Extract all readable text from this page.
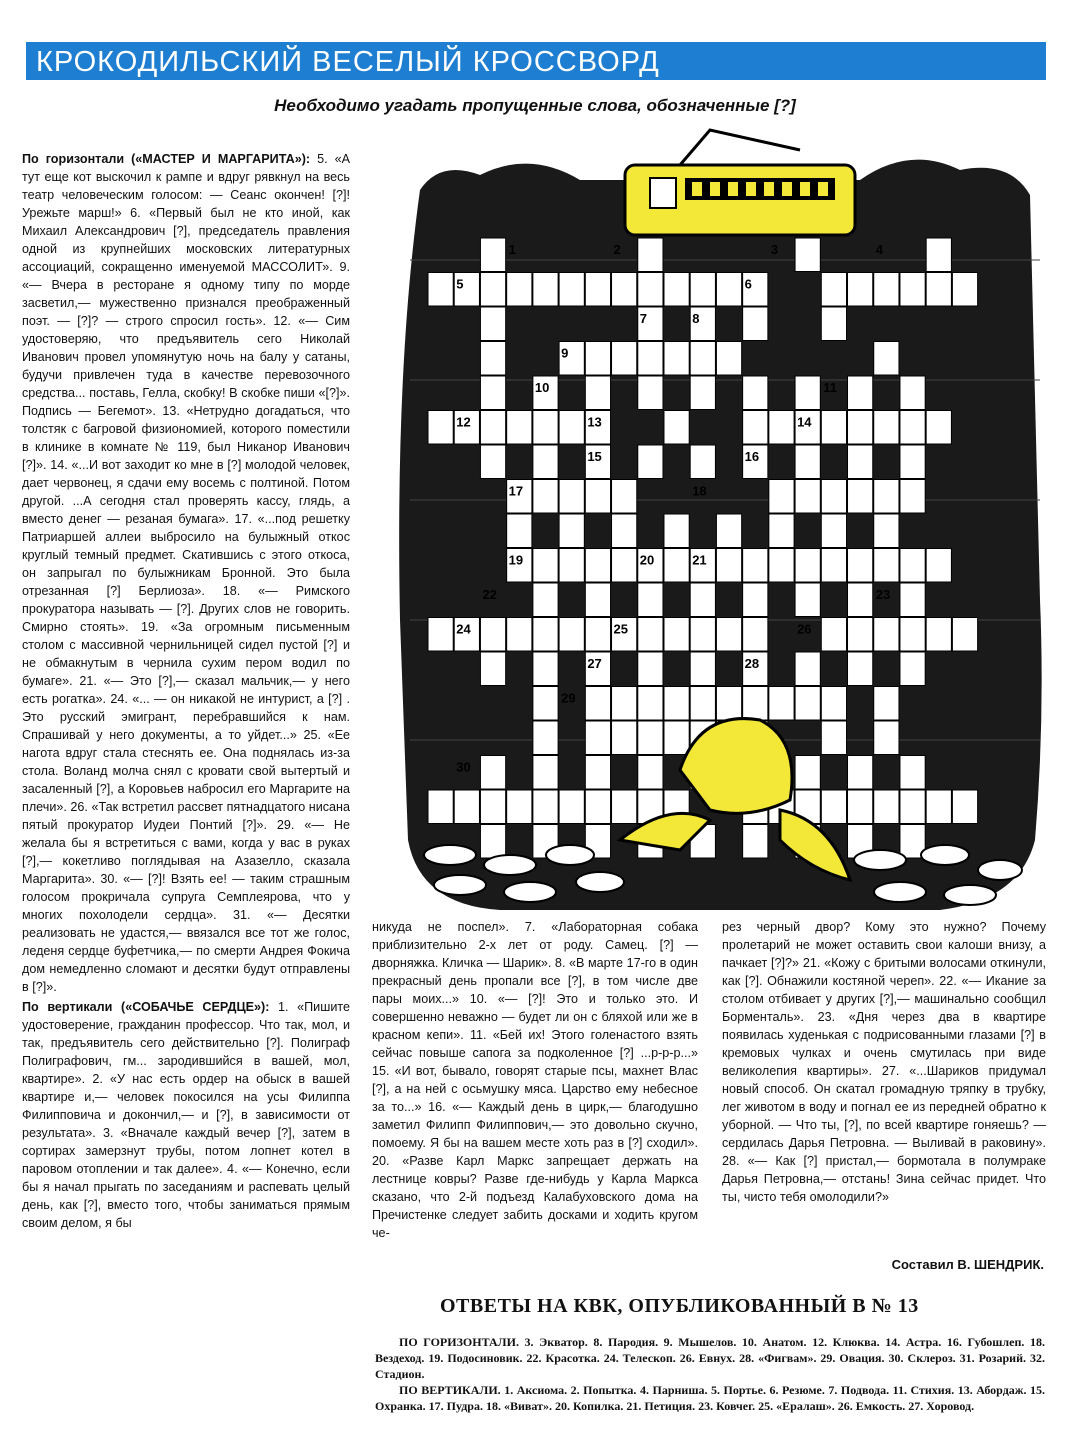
КРОКОДИЛЬСКИЙ ВЕСЕЛЫЙ КРОССВОРД
Необходимо угадать пропущенные слова, обозначенные [?]
1	2	3	4
5	6
7	8
9
10	11
12	13	14
15	16
17	18
19	20	21
22	23
24	25	26
27	28
29
30

По горизонтали («МАСТЕР И МАРГАРИТА»): 5. «А тут еще кот выскочил к рампе и вдруг рявкнул на весь театр человеческим голосом: — Сеанс окончен! [?]! Урежьте марш!» 6. «Первый был не кто иной, как Михаил Александрович [?], председатель правления одной из крупнейших московских литературных ассоциаций, сокращенно именуемой МАССОЛИТ». 9. «— Вчера в ресторане я одному типу по морде засветил,— мужественно признался преображенный поэт. — [?]? — строго спросил гость». 12. «— Сим удостоверяю, что предъявитель сего Николай Иванович провел упомянутую ночь на балу у сатаны, будучи привлечен туда в качестве перевозочного средства... поставь, Гелла, скобку! В скобке пиши «[?]». Подпись — Бегемот». 13. «Нетрудно догадаться, что толстяк с багровой физиономией, которого поместили в клинике в комнате № 119, был Никанор Иванович [?]». 14. «...И вот заходит ко мне в [?] молодой человек, дает червонец, я сдачи ему восемь с полтиной. Потом другой. ...А сегодня стал проверять кассу, глядь, а вместо денег — резаная бумага». 17. «...под решетку Патриаршей аллеи выбросило на булыжный откос круглый темный предмет. Скатившись с этого откоса, он запрыгал по булыжникам Бронной. Это была отрезанная [?] Берлиоза». 18. «— Римского прокуратора называть — [?]. Других слов не говорить. Смирно стоять». 19. «За огромным письменным столом с массивной чернильницей сидел пустой [?] и не обмакнутым в чернила сухим пером водил по бумаге». 21. «— Это [?],— сказал мальчик,— у него есть рогатка». 24. «... — он никакой не интурист, а [?] . Это русский эмигрант, перебравшийся к нам. Спрашивай у него документы, а то уйдет...» 25. «Ее нагота вдруг стала стеснять ее. Она поднялась из-за стола. Воланд молча снял с кровати свой вытертый и засаленный [?], а Коровьев набросил его Маргарите на плечи». 26. «Так встретил рассвет пятнадцатого нисана пятый прокуратор Иудеи Понтий [?]». 29. «— Не желала бы я встретиться с вами, когда у вас в руках [?],— кокетливо поглядывая на Азазелло, сказала Маргарита». 30. «— [?]! Взять ее! — таким страшным голосом прокричала супруга Семплеярова, что у многих похолодели сердца». 31. «— Десятки реализовать не удастся,— ввязался все тот же голос, леденя сердце буфетчика,— по смерти Андрея Фокича дом немедленно сломают и десятки будут отправлены в [?]».

По вертикали («СОБАЧЬЕ СЕРДЦЕ»): 1. «Пишите удостоверение, гражданин профессор. Что так, мол, и так, предъявитель сего действительно [?]. Полиграф Полиграфович, гм... зародившийся в вашей, мол, квартире». 2. «У нас есть ордер на обыск в вашей квартире и,— человек покосился на усы Филиппа Филипповича и докончил,— и [?], в зависимости от результата». 3. «Вначале каждый вечер [?], затем в сортирах замерзнут трубы, потом лопнет котел в паровом отоплении и так далее». 4. «— Конечно, если бы я начал прыгать по заседаниям и распевать целый день, как [?], вместо того, чтобы заниматься прямым своим делом, я бы

никуда не поспел». 7. «Лабораторная собака приблизительно 2-х лет от роду. Самец. [?] — дворняжка. Кличка — Шарик». 8. «В марте 17-го в один прекрасный день пропали все [?], в том числе две пары моих...» 10. «— [?]! Это и только это. И совершенно неважно — будет ли он с бляхой или же в красном кепи». 11. «Бей их! Этого голенастого взять сейчас повыше сапога за подколенное [?] ...р-р-р...» 15. «И вот, бывало, говорят старые псы, махнет Влас [?], а на ней с осьмушку мяса. Царство ему небесное за то...» 16. «— Каждый день в цирк,— благодушно заметил Филипп Филиппович,— это довольно скучно, помоему. Я бы на вашем месте хоть раз в [?] сходил». 20. «Разве Карл Маркс запрещает держать на лестнице ковры? Разве где-нибудь у Карла Маркса сказано, что 2-й подъезд Калабуховского дома на Пречистенке следует забить досками и ходить кругом че-

рез черный двор? Кому это нужно? Почему пролетарий не может оставить свои калоши внизу, а пачкает [?]?» 21. «Кожу с бритыми волосами откинули, как [?]. Обнажили костяной череп». 22. «— Икание за столом отбивает у других [?],— машинально сообщил Борменталь». 23. «Дня через два в квартире появилась худенькая с подрисованными глазами [?] в кремовых чулках и очень смутилась при виде великолепия квартиры». 27. «...Шариков придумал новый способ. Он скатал громадную тряпку в трубку, лег животом в воду и погнал ее из передней обратно к уборной. — Что ты, [?], по всей квартире гоняешь? — сердилась Дарья Петровна. — Выливай в раковину». 28. «— Как [?] пристал,— бормотала в полумраке Дарья Петровна,— отстань! Зина сейчас придет. Что ты, чисто тебя омолодили?»

Составил В. ШЕНДРИК.
ОТВЕТЫ НА КВК, ОПУБЛИКОВАННЫЙ В № 13

ПО ГОРИЗОНТАЛИ. 3. Экватор. 8. Пародия. 9. Мышелов. 10. Анатом. 12. Клюква. 14. Астра. 16. Губошлеп. 18. Вездеход. 19. Подосиновик. 22. Красотка. 24. Телескоп. 26. Евнух. 28. «Фигвам». 29. Овация. 30. Склероз. 31. Розарий. 32. Стадион.

ПО ВЕРТИКАЛИ. 1. Аксиома. 2. Попытка. 4. Парниша. 5. Портье. 6. Резюме. 7. Подвода. 11. Стихия. 13. Абордаж. 15. Охранка. 17. Пудра. 18. «Виват». 20. Копилка. 21. Петиция. 23. Ковчег. 25. «Ералаш». 26. Емкость. 27. Хоровод.
